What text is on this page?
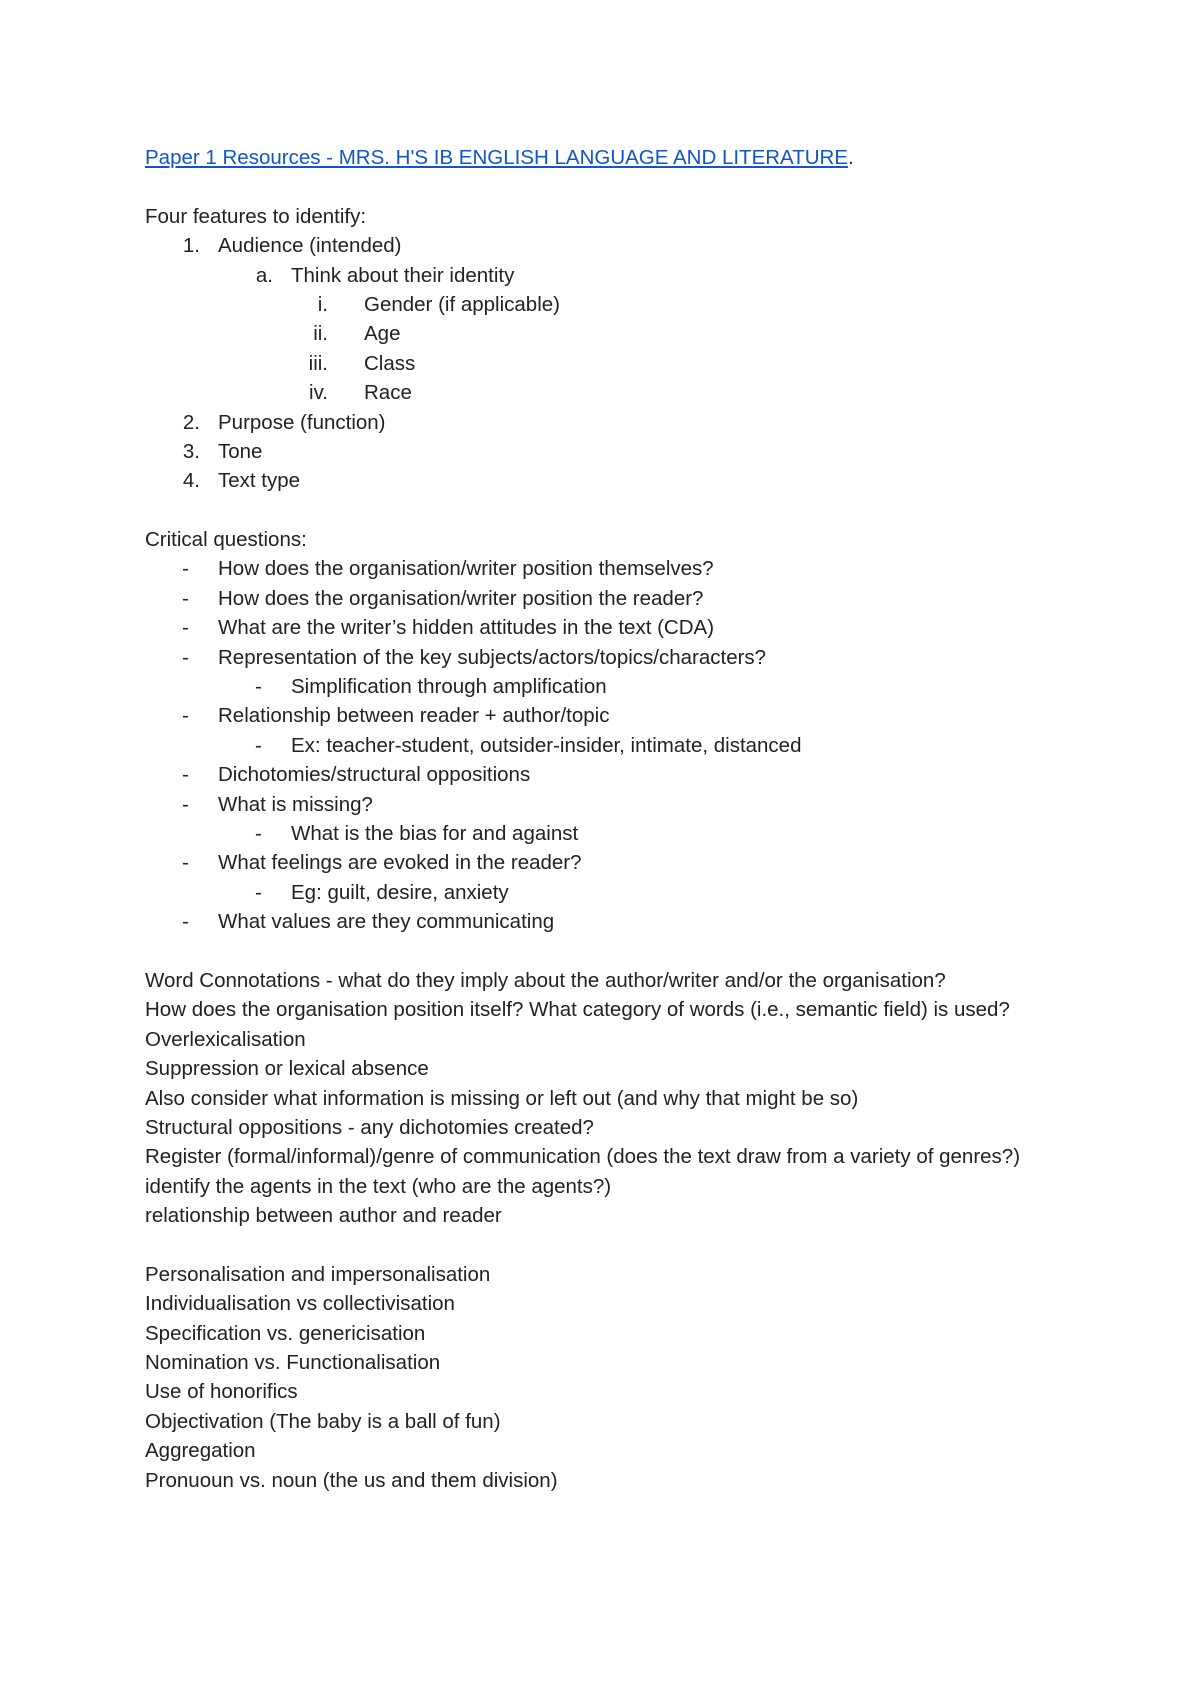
Paper 1 Resources - MRS. H'S IB ENGLISH LANGUAGE AND LITERATURE.
Four features to identify:
1. Audience (intended)
a. Think about their identity
i. Gender (if applicable)
ii. Age
iii. Class
iv. Race
2. Purpose (function)
3. Tone
4. Text type
Critical questions:
-	How does the organisation/writer position themselves?
-	How does the organisation/writer position the reader?
-	What are the writer’s hidden attitudes in the text (CDA)
-	Representation of the key subjects/actors/topics/characters?
-	Simplification through amplification
-	Relationship between reader + author/topic
-	Ex: teacher-student, outsider-insider, intimate, distanced
-	Dichotomies/structural oppositions
-	What is missing?
-	What is the bias for and against
-	What feelings are evoked in the reader?
-	Eg: guilt, desire, anxiety
-	What values are they communicating
Word Connotations - what do they imply about the author/writer and/or the organisation?
How does the organisation position itself? What category of words (i.e., semantic field) is used?
Overlexicalisation
Suppression or lexical absence
Also consider what information is missing or left out (and why that might be so)
Structural oppositions - any dichotomies created?
Register (formal/informal)/genre of communication (does the text draw from a variety of genres?)
identify the agents in the text (who are the agents?)
relationship between author and reader
Personalisation and impersonalisation
Individualisation vs collectivisation
Specification vs. genericisation
Nomination vs. Functionalisation
Use of honorifics
Objectivation (The baby is a ball of fun)
Aggregation
Pronuoun vs. noun (the us and them division)
